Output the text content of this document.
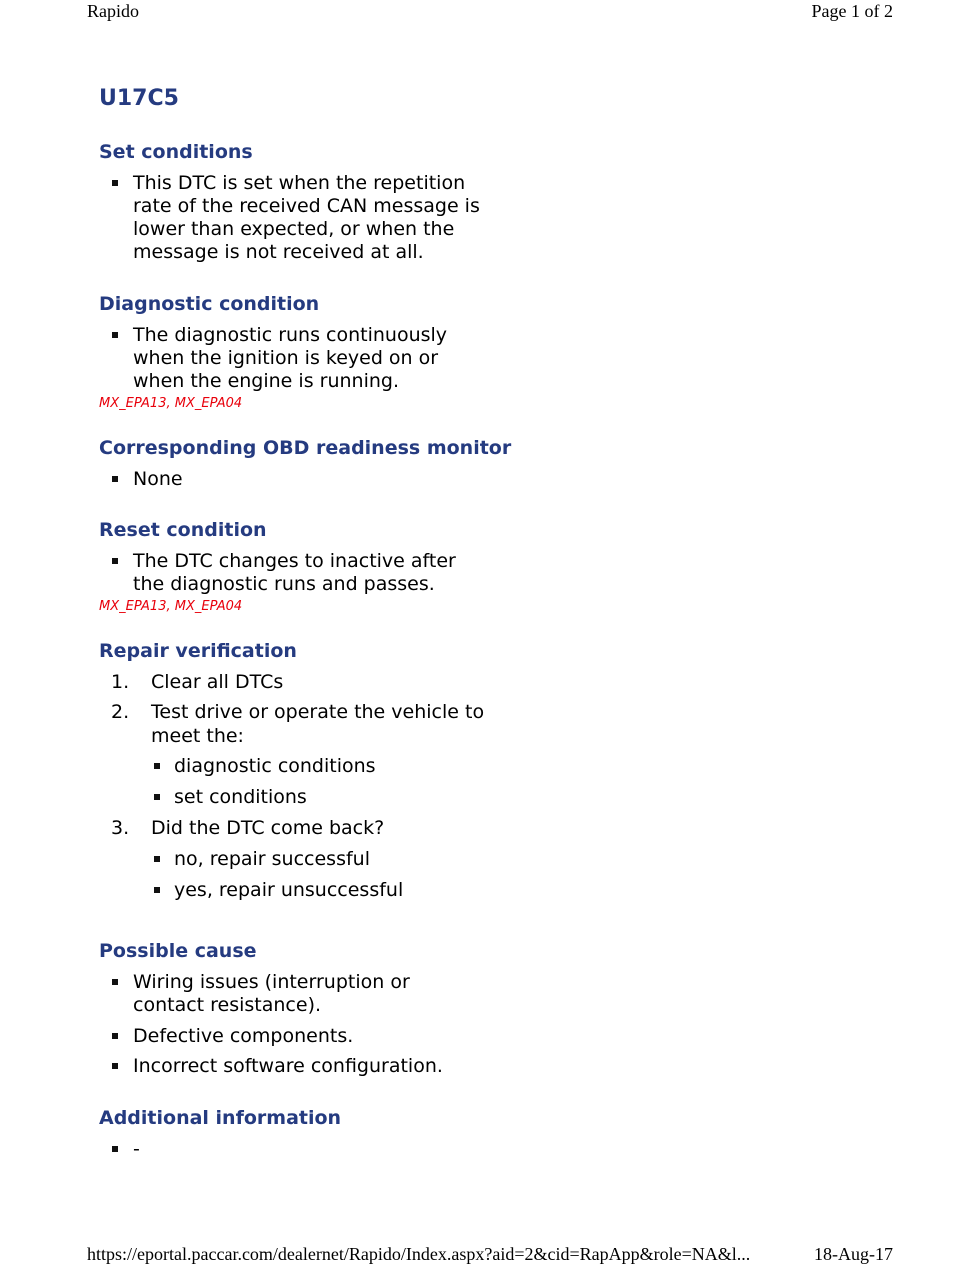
Rapido	Page 1 of 2
U17C5
Set conditions
This DTC is set when the repetition rate of the received CAN message is lower than expected, or when the message is not received at all.
Diagnostic condition
The diagnostic runs continuously when the ignition is keyed on or when the engine is running.
MX_EPA13, MX_EPA04
Corresponding OBD readiness monitor
None
Reset condition
The DTC changes to inactive after the diagnostic runs and passes.
MX_EPA13, MX_EPA04
Repair verification
1. Clear all DTCs
2. Test drive or operate the vehicle to meet the:
diagnostic conditions
set conditions
3. Did the DTC come back?
no, repair successful
yes, repair unsuccessful
Possible cause
Wiring issues (interruption or contact resistance).
Defective components.
Incorrect software configuration.
Additional information
-
https://eportal.paccar.com/dealernet/Rapido/Index.aspx?aid=2&cid=RapApp&role=NA&l...	18-Aug-17
